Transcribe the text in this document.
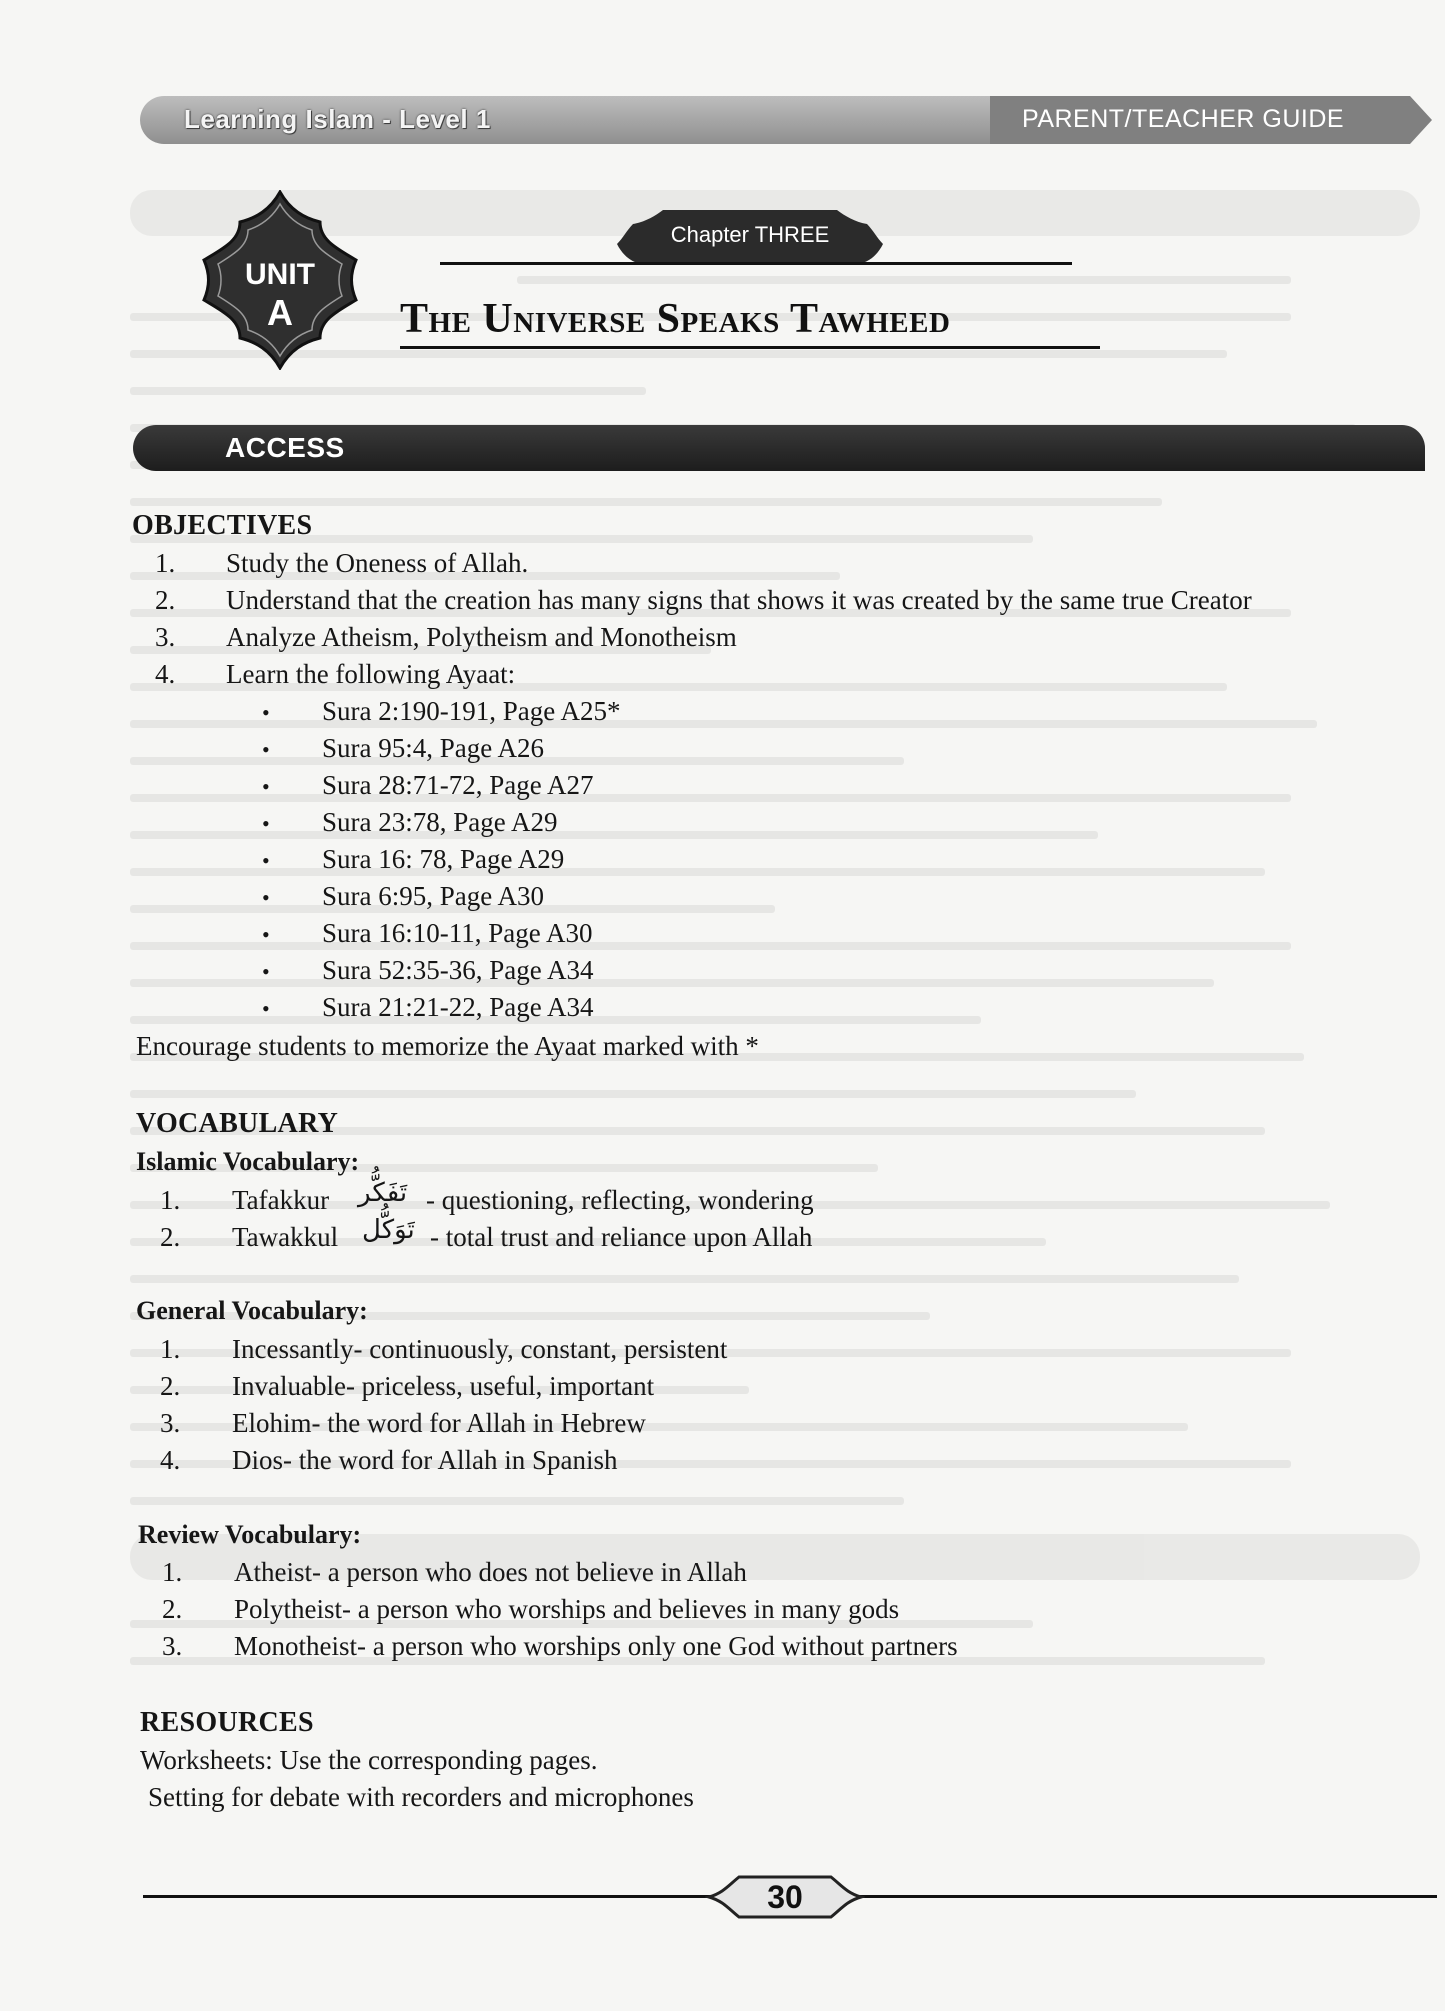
Learning Islam - Level 1	PARENT/TEACHER GUIDE
UNIT
A
Chapter THREE
The Universe Speaks Tawheed
ACCESS
OBJECTIVES
1. Study the Oneness of Allah.
2. Understand that the creation has many signs that shows it was created by the same true Creator
3. Analyze Atheism, Polytheism and Monotheism
4. Learn the following Ayaat:
• Sura 2:190-191, Page A25*
• Sura 95:4, Page A26
• Sura 28:71-72, Page A27
• Sura 23:78, Page A29
• Sura 16: 78, Page A29
• Sura 6:95, Page A30
• Sura 16:10-11, Page A30
• Sura 52:35-36, Page A34
• Sura 21:21-22, Page A34
Encourage students to memorize the Ayaat marked with *
VOCABULARY
Islamic Vocabulary:
1. Tafakkur تَفَكُّر - questioning, reflecting, wondering
2. Tawakkul تَوَكُّل - total trust and reliance upon Allah
General Vocabulary:
1. Incessantly- continuously, constant, persistent
2. Invaluable- priceless, useful, important
3. Elohim- the word for Allah in Hebrew
4. Dios- the word for Allah in Spanish
Review Vocabulary:
1. Atheist- a person who does not believe in Allah
2. Polytheist- a person who worships and believes in many gods
3. Monotheist- a person who worships only one God without partners
RESOURCES
Worksheets: Use the corresponding pages.
Setting for debate with recorders and microphones
30
